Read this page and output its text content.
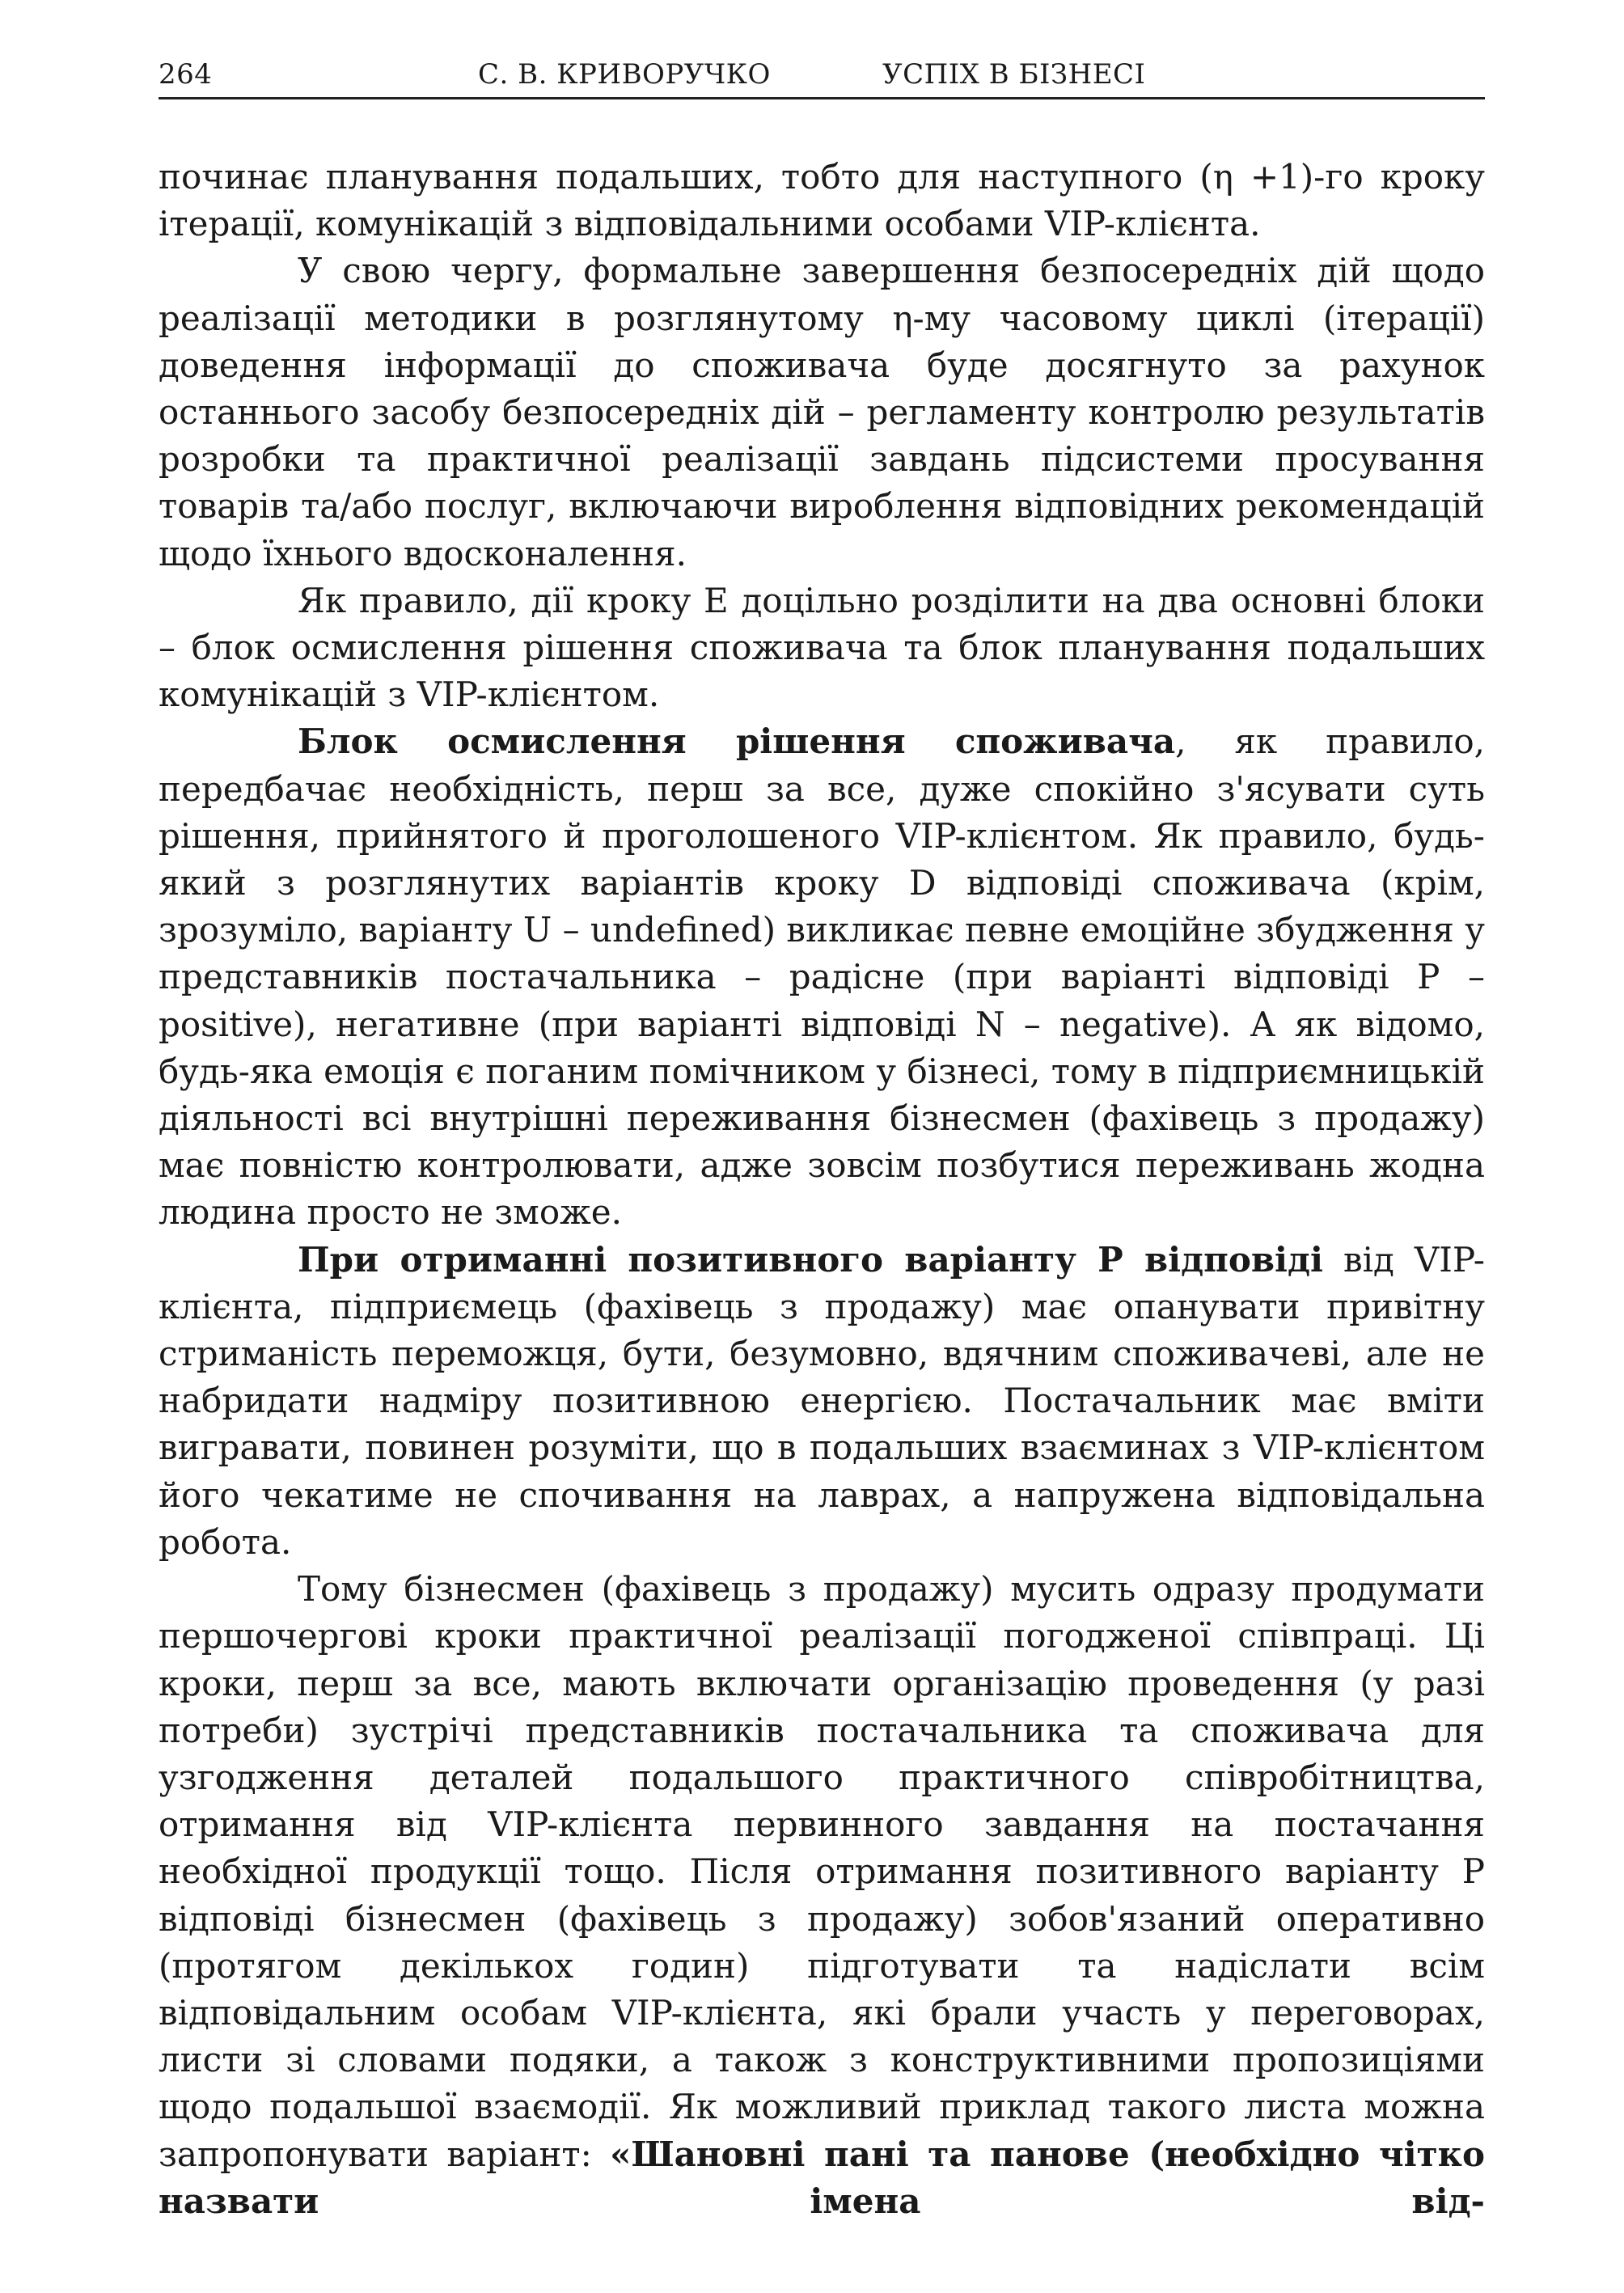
264	С. В. КРИВОРУЧКО	УСПІХ В БІЗНЕСІ

починає планування подальших, тобто для наступного (η +1)-го кроку ітерації, комунікацій з відповідальними особами VIP-клієнта.

У свою чергу, формальне завершення безпосередніх дій щодо реалізації методики в розглянутому η-му часовому циклі (ітерації) доведення інформації до споживача буде досягнуто за рахунок останнього засобу безпосередніх дій – регламенту контролю результатів розробки та практичної реалізації завдань підсистеми просування товарів та/або послуг, включаючи вироблення відповідних рекомендацій щодо їхнього вдосконалення.

Як правило, дії кроку E доцільно розділити на два основні блоки – блок осмислення рішення споживача та блок планування подальших комунікацій з VIP-клієнтом.

Блок осмислення рішення споживача, як правило, передбачає необхідність, перш за все, дуже спокійно з'ясувати суть рішення, прийнятого й проголошеного VIP-клієнтом. Як правило, будь-який з розглянутих варіантів кроку D відповіді споживача (крім, зрозуміло, варіанту U – undefined) викликає певне емоційне збудження у представників постачальника – радісне (при варіанті відповіді P – positive), негативне (при варіанті відповіді N – negative). А як відомо, будь-яка емоція є поганим помічником у бізнесі, тому в підприємницькій діяльності всі внутрішні переживання бізнесмен (фахівець з продажу) має повністю контролювати, адже зовсім позбутися переживань жодна людина просто не зможе.

При отриманні позитивного варіанту P відповіді від VIP-клієнта, підприємець (фахівець з продажу) має опанувати привітну стриманість переможця, бути, безумовно, вдячним споживачеві, але не набридати надміру позитивною енергією. Постачальник має вміти вигравати, повинен розуміти, що в подальших взаєминах з VIP-клієнтом його чекатиме не спочивання на лаврах, а напружена відповідальна робота.

Тому бізнесмен (фахівець з продажу) мусить одразу продумати першочергові кроки практичної реалізації погодженої співпраці. Ці кроки, перш за все, мають включати організацію проведення (у разі потреби) зустрічі представників постачальника та споживача для узгодження деталей подальшого практичного співробітництва, отримання від VIP-клієнта первинного завдання на постачання необхідної продукції тощо. Після отримання позитивного варіанту P відповіді бізнесмен (фахівець з продажу) зобов'язаний оперативно (протягом декількох годин) підготувати та надіслати всім відповідальним особам VIP-клієнта, які брали участь у переговорах, листи зі словами подяки, а також з конструктивними пропозиціями щодо подальшої взаємодії. Як можливий приклад такого листа можна запропонувати варіант: «Шановні пані та панове (необхідно чітко назвати імена від-
